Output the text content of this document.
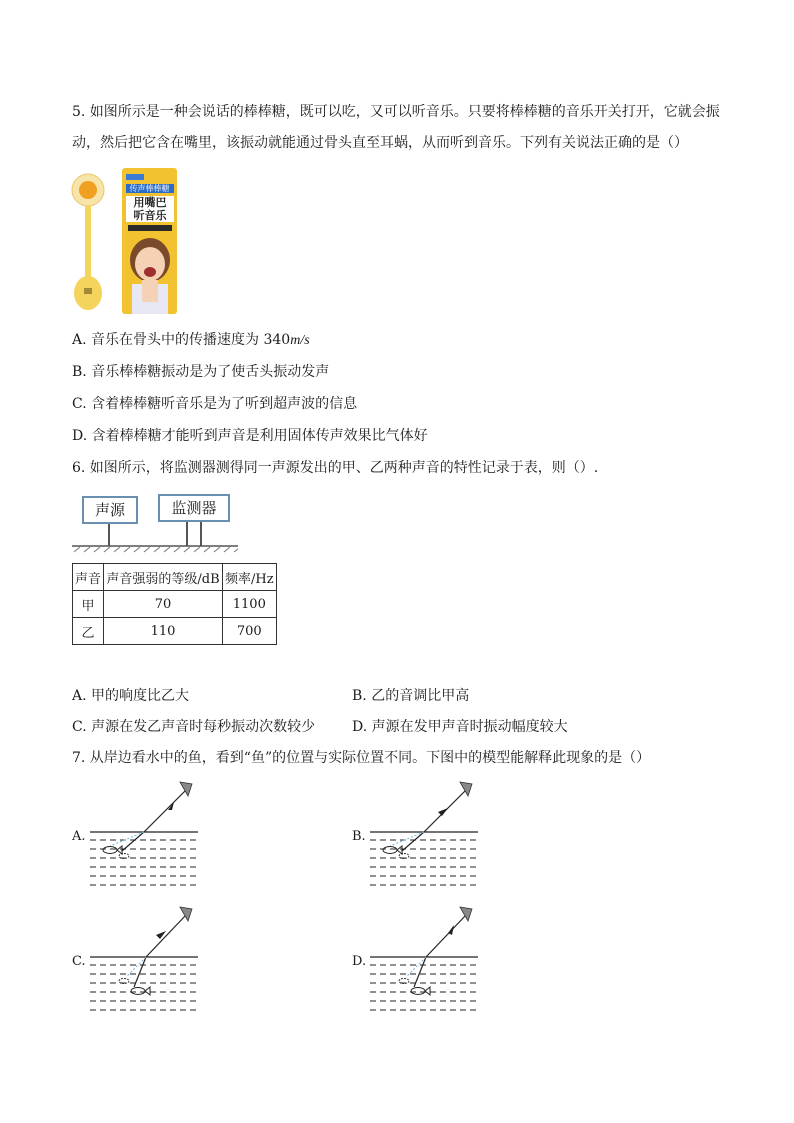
5. 如图所示是一种会说话的棒棒糖，既可以吃，又可以听音乐。只要将棒棒糖的音乐开关打开，它就会振
动，然后把它含在嘴里，该振动就能通过骨头直至耳蜗，从而听到音乐。下列有关说法正确的是（）
传声棒棒糖
用嘴巴
听音乐
A. 音乐在骨头中的传播速度为 340m/s
B. 音乐棒棒糖振动是为了使舌头振动发声
C. 含着棒棒糖听音乐是为了听到超声波的信息
D. 含着棒棒糖才能听到声音是利用固体传声效果比气体好
6. 如图所示，将监测器测得同一声源发出的甲、乙两种声音的特性记录于表，则（）.
声源	监测器
声音	声音强弱的等级/dB	频率/Hz
甲	70	1100
乙	110	700
A. 甲的响度比乙大	B. 乙的音调比甲高
C. 声源在发乙声音时每秒振动次数较少	D. 声源在发甲声音时振动幅度较大
7. 从岸边看水中的鱼，看到“鱼”的位置与实际位置不同。下图中的模型能解释此现象的是（）
A.	B.
C.	D.
